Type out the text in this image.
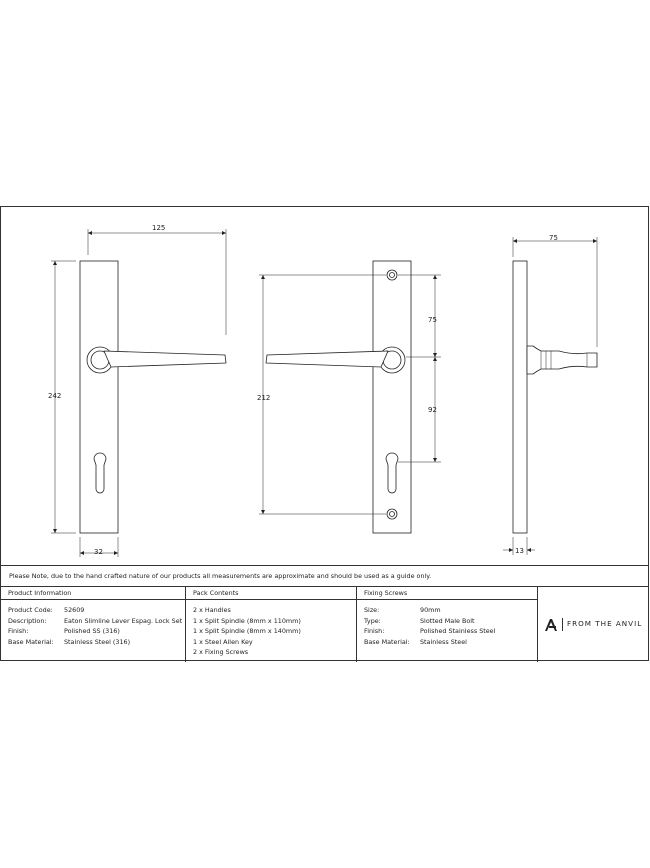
125
242
32
212
75
92
75
13
Please Note, due to the hand crafted nature of our products all measurements are approximate and should be used as a guide only.
Product Information
Product Code: 52609
Description:	Eaton Slimline Lever Espag. Lock Set
Finish:	Polished SS (316)
Base Material: Stainless Steel (316)
Pack Contents
2 x Handles
1 x Split Spindle (8mm x 110mm)
1 x Split Spindle (8mm x 140mm)
1 x Steel Allen Key
2 x Fixing Screws
Fixing Screws
Size:	90mm
Type:	Slotted Male Bolt
Finish:	Polished Stainless Steel
Base Material: Stainless Steel
FROM THE ANVIL
